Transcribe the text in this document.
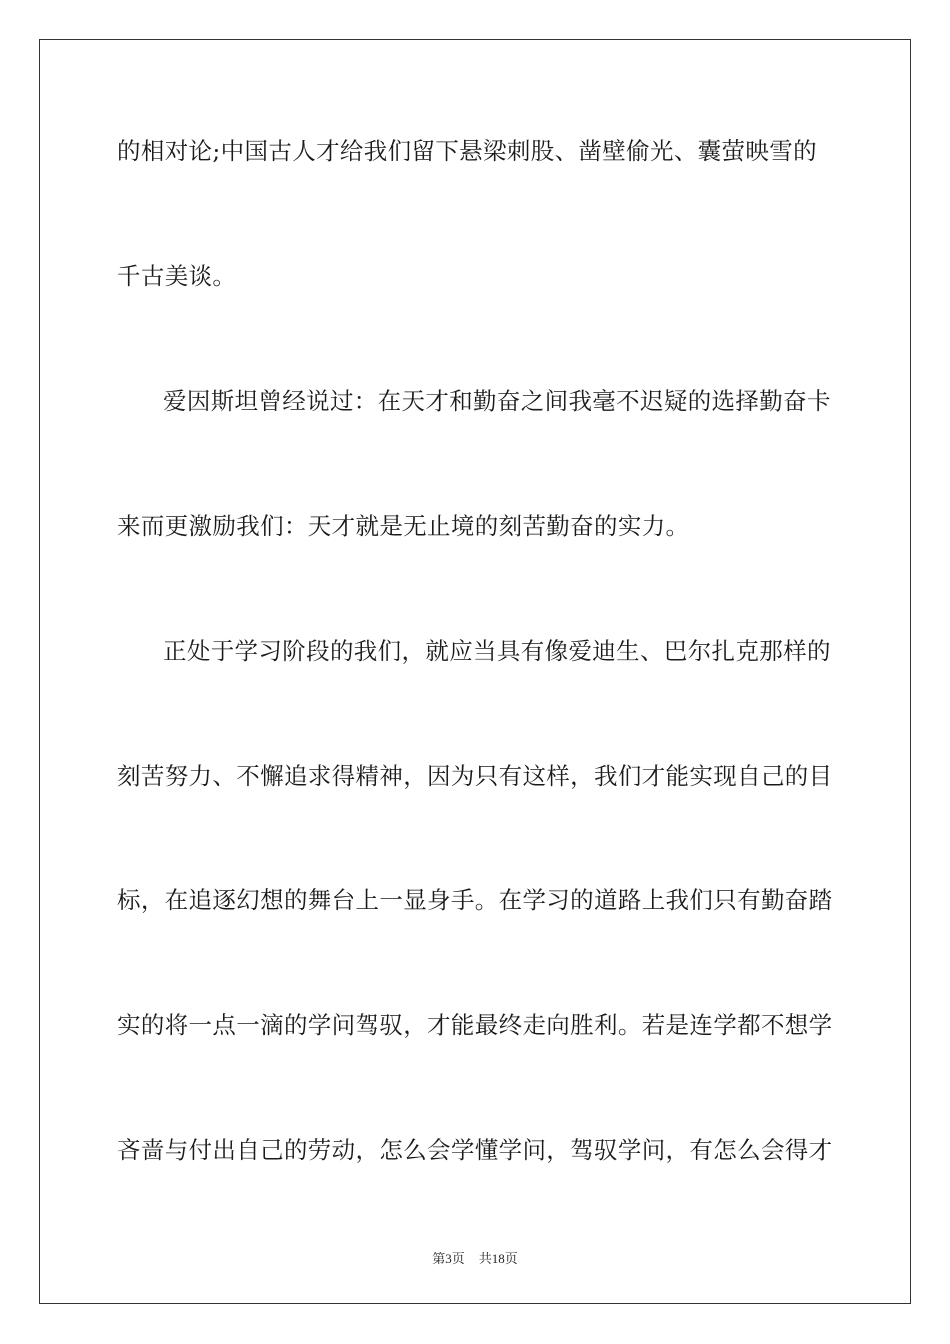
的相对论;中国古人才给我们留下悬梁刺股、凿壁偷光、囊萤映雪的
千古美谈。
爱因斯坦曾经说过：在天才和勤奋之间我毫不迟疑的选择勤奋卡
来而更激励我们：天才就是无止境的刻苦勤奋的实力。
正处于学习阶段的我们，就应当具有像爱迪生、巴尔扎克那样的
刻苦努力、不懈追求得精神，因为只有这样，我们才能实现自己的目
标，在追逐幻想的舞台上一显身手。在学习的道路上我们只有勤奋踏
实的将一点一滴的学问驾驭，才能最终走向胜利。若是连学都不想学
吝啬与付出自己的劳动，怎么会学懂学问，驾驭学问，有怎么会得才
第3页 共18页
